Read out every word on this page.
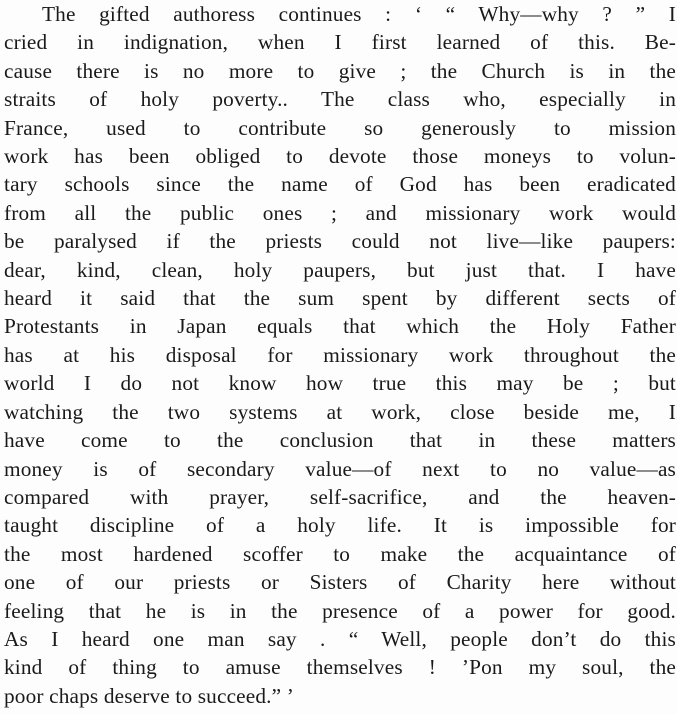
The gifted authoress continues : ‘ “ Why—why ? ” I
cried in indignation, when I first learned of this. Be-
cause there is no more to give ; the Church is in the
straits of holy poverty.. The class who, especially in
France, used to contribute so generously to mission
work has been obliged to devote those moneys to volun-
tary schools since the name of God has been eradicated
from all the public ones ; and missionary work would
be paralysed if the priests could not live—like paupers:
dear, kind, clean, holy paupers, but just that. I have
heard it said that the sum spent by different sects of
Protestants in Japan equals that which the Holy Father
has at his disposal for missionary work throughout the
world I do not know how true this may be ; but
watching the two systems at work, close beside me, I
have come to the conclusion that in these matters
money is of secondary value—of next to no value—as
compared with prayer, self-sacrifice, and the heaven-
taught discipline of a holy life. It is impossible for
the most hardened scoffer to make the acquaintance of
one of our priests or Sisters of Charity here without
feeling that he is in the presence of a power for good.
As I heard one man say . “ Well, people don’t do this
kind of thing to amuse themselves ! ’Pon my soul, the
poor chaps deserve to succeed.” ’
